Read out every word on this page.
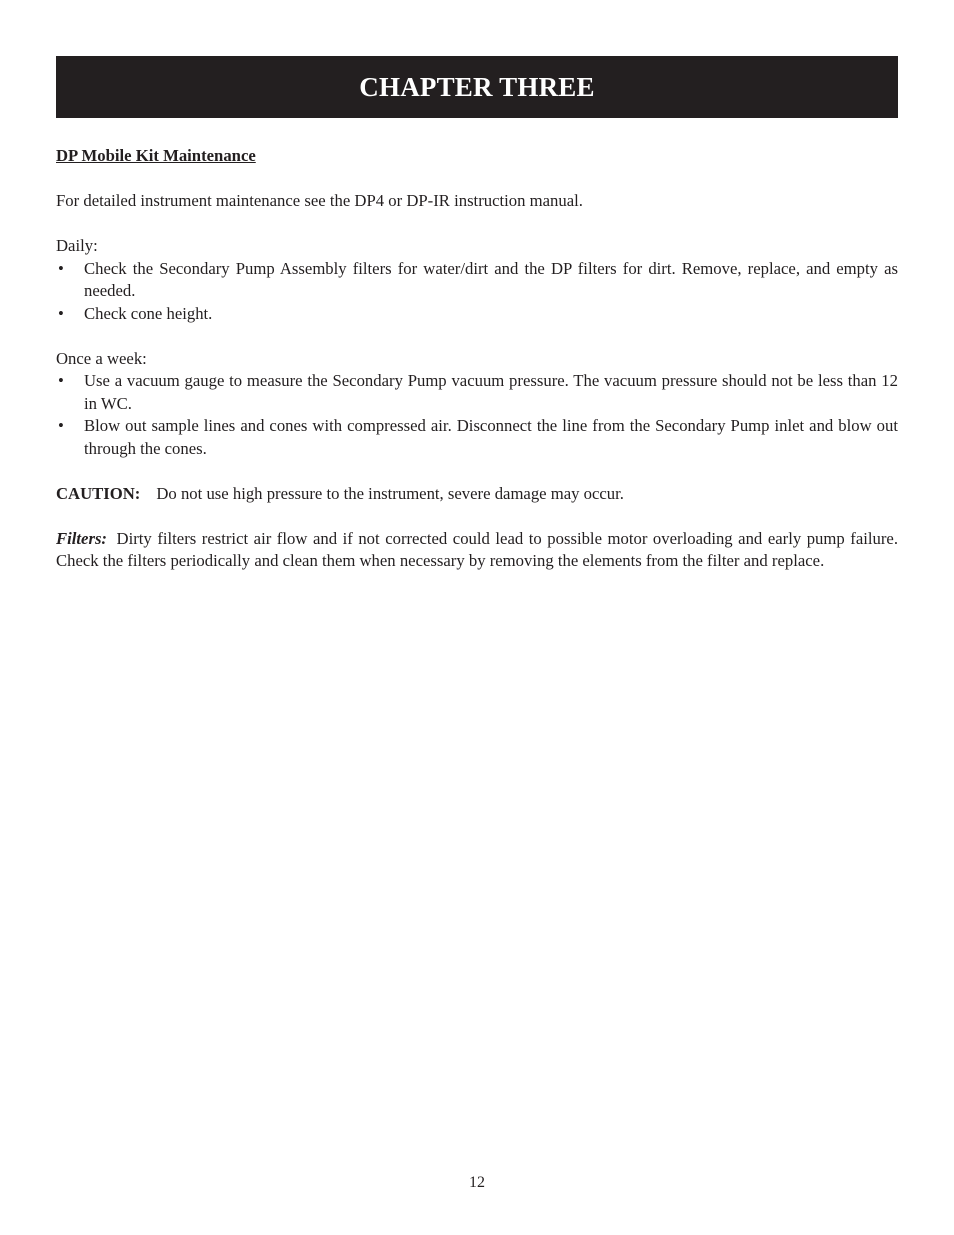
CHAPTER THREE

DP Mobile Kit Maintenance

For detailed instrument maintenance see the DP4 or DP-IR instruction manual.

Daily:

• Check the Secondary Pump Assembly filters for water/dirt and the DP filters for dirt. Remove, replace, and empty as needed.
• Check cone height.

Once a week:

• Use a vacuum gauge to measure the Secondary Pump vacuum pressure. The vacuum pressure should not be less than 12 in WC.
• Blow out sample lines and cones with compressed air. Disconnect the line from the Secondary Pump inlet and blow out through the cones.

CAUTION: Do not use high pressure to the instrument, severe damage may occur.

Filters: Dirty filters restrict air flow and if not corrected could lead to possible motor overloading and early pump failure. Check the filters periodically and clean them when necessary by removing the elements from the filter and replace.

12
